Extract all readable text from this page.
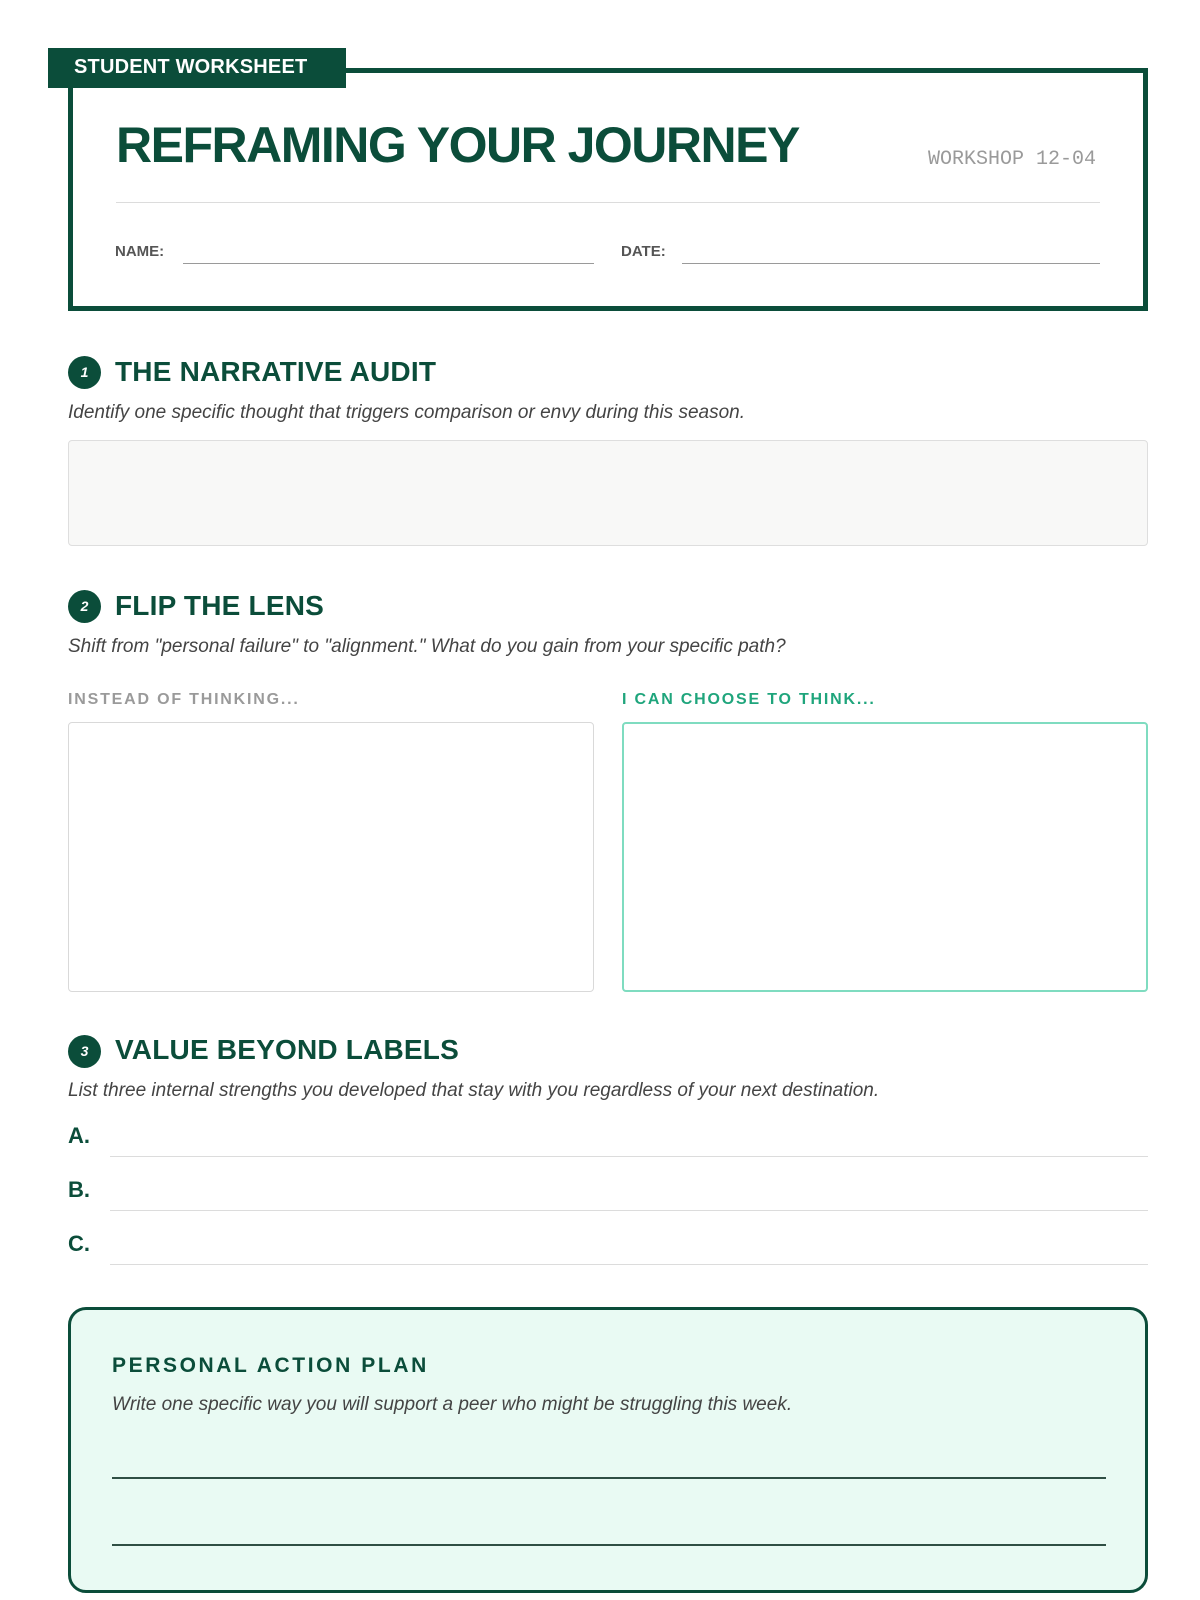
STUDENT WORKSHEET
REFRAMING YOUR JOURNEY	WORKSHOP 12-04
NAME:	DATE:
1 THE NARRATIVE AUDIT
Identify one specific thought that triggers comparison or envy during this season.
2 FLIP THE LENS
Shift from "personal failure" to "alignment." What do you gain from your specific path?
INSTEAD OF THINKING...	I CAN CHOOSE TO THINK...
3 VALUE BEYOND LABELS
List three internal strengths you developed that stay with you regardless of your next destination.
A.
B.
C.
PERSONAL ACTION PLAN
Write one specific way you will support a peer who might be struggling this week.
